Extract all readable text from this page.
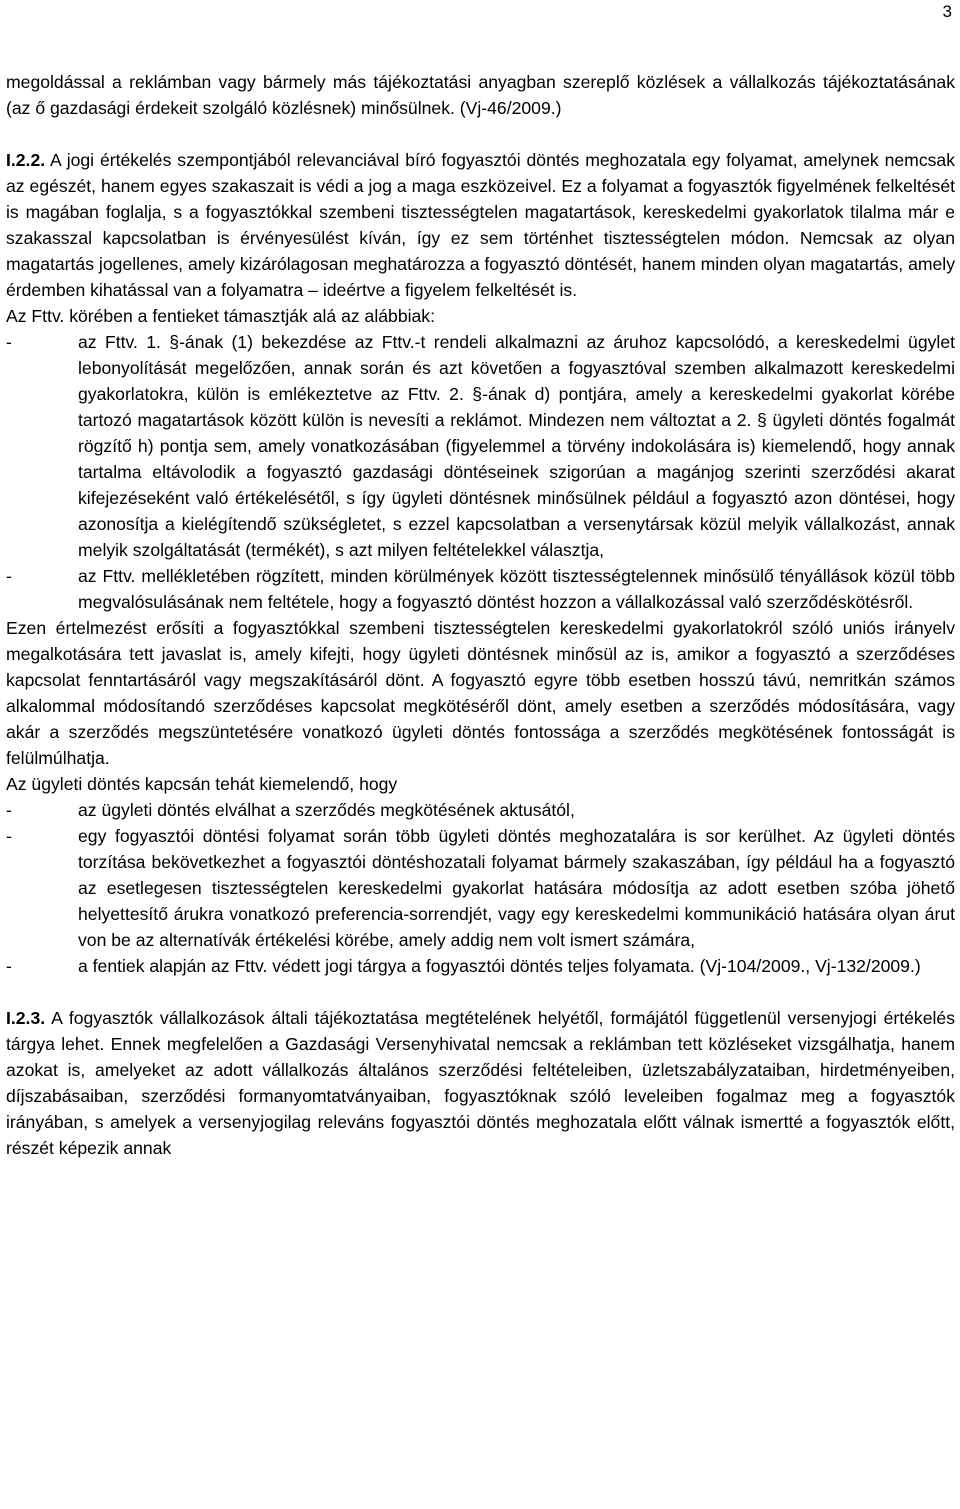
3

megoldással a reklámban vagy bármely más tájékoztatási anyagban szereplő közlések a vállalkozás tájékoztatásának (az ő gazdasági érdekeit szolgáló közlésnek) minősülnek. (Vj-46/2009.)

I.2.2. A jogi értékelés szempontjából relevanciával bíró fogyasztói döntés meghozatala egy folyamat, amelynek nemcsak az egészét, hanem egyes szakaszait is védi a jog a maga eszközeivel. Ez a folyamat a fogyasztók figyelmének felkeltését is magában foglalja, s a fogyasztókkal szembeni tisztességtelen magatartások, kereskedelmi gyakorlatok tilalma már e szakasszal kapcsolatban is érvényesülést kíván, így ez sem történhet tisztességtelen módon. Nemcsak az olyan magatartás jogellenes, amely kizárólagosan meghatározza a fogyasztó döntését, hanem minden olyan magatartás, amely érdemben kihatással van a folyamatra – ideértve a figyelem felkeltését is.

Az Fttv. körében a fentieket támasztják alá az alábbiak:

-	az Fttv. 1. §-ának (1) bekezdése az Fttv.-t rendeli alkalmazni az áruhoz kapcsolódó, a kereskedelmi ügylet lebonyolítását megelőzően, annak során és azt követően a fogyasztóval szemben alkalmazott kereskedelmi gyakorlatokra, külön is emlékeztetve az Fttv. 2. §-ának d) pontjára, amely a kereskedelmi gyakorlat körébe tartozó magatartások között külön is nevesíti a reklámot. Mindezen nem változtat a 2. § ügyleti döntés fogalmát rögzítő h) pontja sem, amely vonatkozásában (figyelemmel a törvény indokolására is) kiemelendő, hogy annak tartalma eltávolodik a fogyasztó gazdasági döntéseinek szigorúan a magánjog szerinti szerződési akarat kifejezéseként való értékelésétől, s így ügyleti döntésnek minősülnek például a fogyasztó azon döntései, hogy azonosítja a kielégítendő szükségletet, s ezzel kapcsolatban a versenytársak közül melyik vállalkozást, annak melyik szolgáltatását (termékét), s azt milyen feltételekkel választja,
-	az Fttv. mellékletében rögzített, minden körülmények között tisztességtelennek minősülő tényállások közül több megvalósulásának nem feltétele, hogy a fogyasztó döntést hozzon a vállalkozással való szerződéskötésről.

Ezen értelmezést erősíti a fogyasztókkal szembeni tisztességtelen kereskedelmi gyakorlatokról szóló uniós irányelv megalkotására tett javaslat is, amely kifejti, hogy ügyleti döntésnek minősül az is, amikor a fogyasztó a szerződéses kapcsolat fenntartásáról vagy megszakításáról dönt. A fogyasztó egyre több esetben hosszú távú, nemritkán számos alkalommal módosítandó szerződéses kapcsolat megkötéséről dönt, amely esetben a szerződés módosítására, vagy akár a szerződés megszüntetésére vonatkozó ügyleti döntés fontossága a szerződés megkötésének fontosságát is felülmúlhatja.

Az ügyleti döntés kapcsán tehát kiemelendő, hogy

-	az ügyleti döntés elválhat a szerződés megkötésének aktusától,
-	egy fogyasztói döntési folyamat során több ügyleti döntés meghozatalára is sor kerülhet. Az ügyleti döntés torzítása bekövetkezhet a fogyasztói döntéshozatali folyamat bármely szakaszában, így például ha a fogyasztó az esetlegesen tisztességtelen kereskedelmi gyakorlat hatására módosítja az adott esetben szóba jöhető helyettesítő árukra vonatkozó preferencia-sorrendjét, vagy egy kereskedelmi kommunikáció hatására olyan árut von be az alternatívák értékelési körébe, amely addig nem volt ismert számára,
-	a fentiek alapján az Fttv. védett jogi tárgya a fogyasztói döntés teljes folyamata. (Vj-104/2009., Vj-132/2009.)

I.2.3. A fogyasztók vállalkozások általi tájékoztatása megtételének helyétől, formájától függetlenül versenyjogi értékelés tárgya lehet. Ennek megfelelően a Gazdasági Versenyhivatal nemcsak a reklámban tett közléseket vizsgálhatja, hanem azokat is, amelyeket az adott vállalkozás általános szerződési feltételeiben, üzletszabályzataiban, hirdetményeiben, díjszabásaiban, szerződési formanyomtatványaiban, fogyasztóknak szóló leveleiben fogalmaz meg a fogyasztók irányában, s amelyek a versenyjogilag releváns fogyasztói döntés meghozatala előtt válnak ismertté a fogyasztók előtt, részét képezik annak
